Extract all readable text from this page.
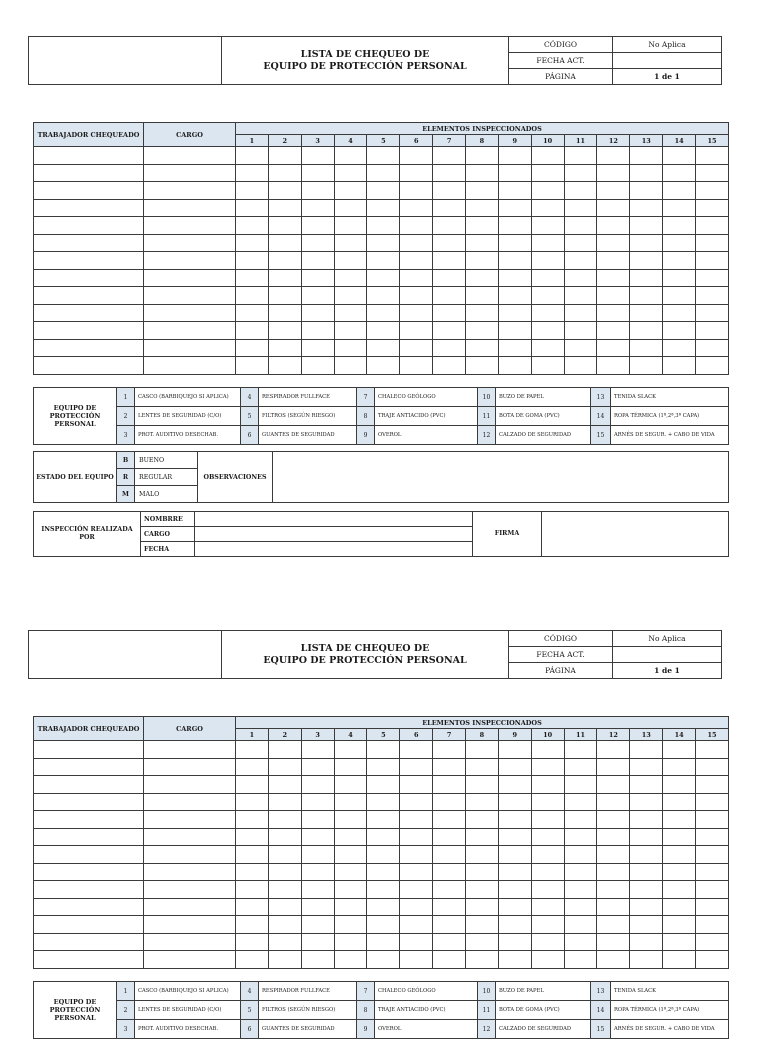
	LISTA DE CHEQUEO DE
EQUIPO DE PROTECCIÓN PERSONAL	CÓDIGO	No Aplica
		FECHA ACT.	
		PÁGINA	1 de 1
TRABAJADOR CHEQUEADO	CARGO	ELEMENTOS INSPECCIONADOS														
		1	2	3	4	5	6	7	8	9	10	11	12	13	14	15

EQUIPO DE PROTECCIÓN PERSONAL	1	CASCO (BARBIQUEJO SI APLICA)	4	RESPIRADOR FULLFACE	7	CHALECO GEÓLOGO	10	BUZO DE PAPEL	13	TENIDA SLACK
	2	LENTES DE SEGURIDAD (C/O)	5	FILTROS (SEGÚN RIESGO)	8	TRAJE ANTIACIDO (PVC)	11	BOTA DE GOMA (PVC)	14	ROPA TÉRMICA (1ª,2ª,3ª CAPA)
	3	PROT. AUDITIVO DESECHAB.	6	GUANTES DE SEGURIDAD	9	OVEROL	12	CALZADO DE SEGURIDAD	15	ARNÉS DE SEGUR. + CABO DE VIDA
ESTADO DEL EQUIPO	B	BUENO	OBSERVACIONES	
	R	REGULAR		
	M	MALO		
INSPECCIÓN REALIZADA POR	NOMBRRE		FIRMA	
	CARGO			
	FECHA			

	LISTA DE CHEQUEO DE
EQUIPO DE PROTECCIÓN PERSONAL	CÓDIGO	No Aplica
		FECHA ACT.	
		PÁGINA	1 de 1
TRABAJADOR CHEQUEADO	CARGO	ELEMENTOS INSPECCIONADOS														
		1	2	3	4	5	6	7	8	9	10	11	12	13	14	15

EQUIPO DE PROTECCIÓN PERSONAL	1	CASCO (BARBIQUEJO SI APLICA)	4	RESPIRADOR FULLFACE	7	CHALECO GEÓLOGO	10	BUZO DE PAPEL	13	TENIDA SLACK
	2	LENTES DE SEGURIDAD (C/O)	5	FILTROS (SEGÚN RIESGO)	8	TRAJE ANTIACIDO (PVC)	11	BOTA DE GOMA (PVC)	14	ROPA TÉRMICA (1ª,2ª,3ª CAPA)
	3	PROT. AUDITIVO DESECHAB.	6	GUANTES DE SEGURIDAD	9	OVEROL	12	CALZADO DE SEGURIDAD	15	ARNÉS DE SEGUR. + CABO DE VIDA
